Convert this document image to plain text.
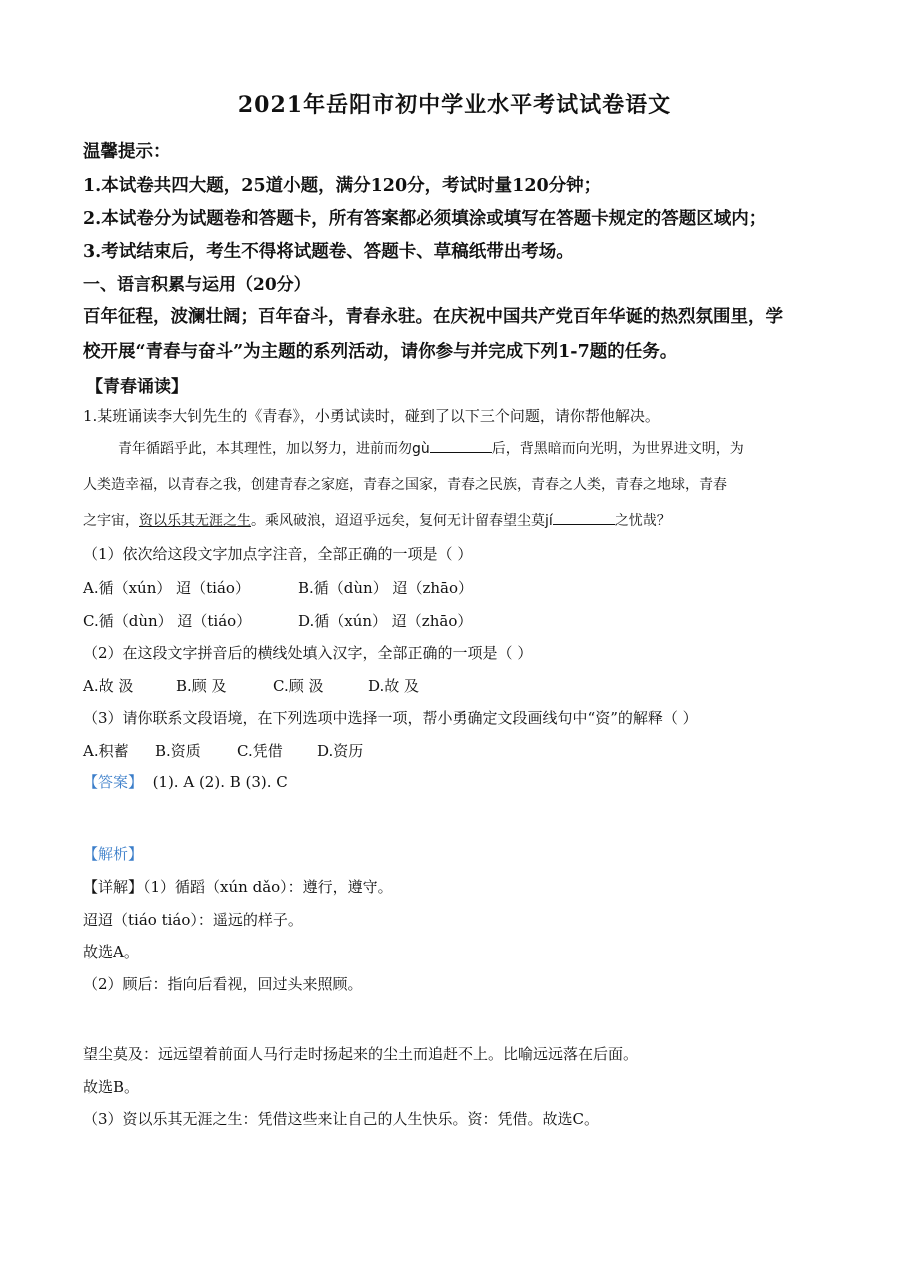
2021年岳阳市初中学业水平考试试卷语文
温馨提示：
1.本试卷共四大题，25道小题，满分120分，考试时量120分钟；
2.本试卷分为试题卷和答题卡，所有答案都必须填涂或填写在答题卡规定的答题区域内；
3.考试结束后，考生不得将试题卷、答题卡、草稿纸带出考场。
一、语言积累与运用（20分）
百年征程，波澜壮阔；百年奋斗，青春永驻。在庆祝中国共产党百年华诞的热烈氛围里，学
校开展“青春与奋斗”为主题的系列活动，请你参与并完成下列1-7题的任务。
【青春诵读】
1.某班诵读李大钊先生的《青春》，小勇试读时，碰到了以下三个问题，请你帮他解决。
青年循蹈乎此，本其理性，加以努力，进前而勿gù	后，背黑暗而向光明，为世界进文明，为
人类造幸福，以青春之我，创建青春之家庭，青春之国家，青春之民族，青春之人类，青春之地球，青春
之宇宙，资以乐其无涯之生。乘风破浪，迢迢乎远矣，复何无计留春望尘莫jí	之忧哉？
（1）依次给这段文字加点字注音，全部正确的一项是（ ）
A.循（xún） 迢（tiáo）	B.循（dùn） 迢（zhāo）
C.循（dùn） 迢（tiáo）	D.循（xún） 迢（zhāo）
（2）在这段文字拼音后的横线处填入汉字，全部正确的一项是（ ）
A.故 汲	B.顾 及	C.顾 汲	D.故 及
（3）请你联系文段语境，在下列选项中选择一项，帮小勇确定文段画线句中“资”的解释（ ）
A.积蓄 B.资质 C.凭借 D.资历
【答案】 (1). A (2). B (3). C
【解析】
【详解】（1）循蹈（xún dǎo）：遵行，遵守。
迢迢（tiáo tiáo）：遥远的样子。
故选A。
（2）顾后：指向后看视，回过头来照顾。
望尘莫及：远远望着前面人马行走时扬起来的尘土而追赶不上。比喻远远落在后面。
故选B。
（3）资以乐其无涯之生：凭借这些来让自己的人生快乐。资：凭借。故选C。
